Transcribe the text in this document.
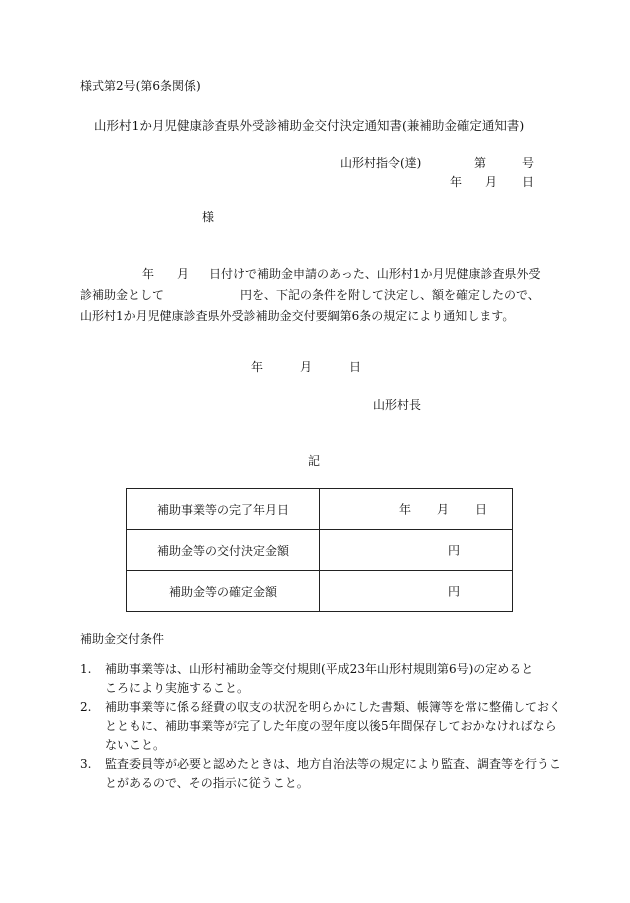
様式第2号(第6条関係)
山形村1か月児健康診査県外受診補助金交付決定通知書(兼補助金確定通知書)
山形村指令(達)	第	号
年 月 日
様
年 月 日付けで補助金申請のあった、山形村1か月児健康診査県外受
診補助金として	円を、下記の条件を附して決定し、額を確定したので、
山形村1か月児健康診査県外受診補助金交付要綱第6条の規定により通知します。
年	月	日
山形村長
記
補助事業等の完了年月日	年 月 日

補助金等の交付決定金額	円

補助金等の確定金額	円
補助金交付条件
1. 補助事業等は、山形村補助金等交付規則(平成23年山形村規則第6号)の定めると
ころにより実施すること。
2. 補助事業等に係る経費の収支の状況を明らかにした書類、帳簿等を常に整備しておく
とともに、補助事業等が完了した年度の翌年度以後5年間保存しておかなければなら
ないこと。
3. 監査委員等が必要と認めたときは、地方自治法等の規定により監査、調査等を行うこ
とがあるので、その指示に従うこと。
